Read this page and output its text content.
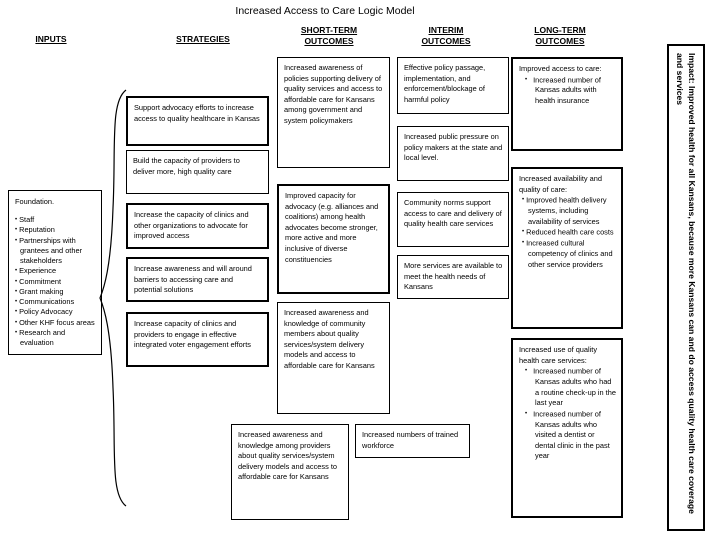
Increased Access to Care Logic Model
INPUTS	STRATEGIES
SHORT-TERM
OUTCOMES
INTERIM
OUTCOMES
LONG-TERM
OUTCOMES
Foundation.
• Staff
• Reputation
• Partnerships with grantees and other stakeholders
• Experience
• Commitment
• Grant making
• Communications
• Policy Advocacy
• Other KHF focus areas
• Research and evaluation
Support advocacy efforts to increase access to quality healthcare in Kansas
Build the capacity of providers to deliver more, high quality care
Increase the capacity of clinics and other organizations to advocate for improved access
Increase awareness and will around barriers to accessing care and potential solutions
Increase capacity of clinics and providers to engage in effective integrated voter engagement efforts
Increased awareness of policies supporting delivery of quality services and access to affordable care for Kansans among government and system policymakers
Improved capacity for advocacy (e.g. alliances and coalitions) among health advocates become stronger, more active and more inclusive of diverse constituencies
Increased awareness and knowledge of community members about quality services/system delivery models and access to affordable care for Kansans
Increased awareness and knowledge among providers about quality services/system delivery models and access to affordable care for Kansans
Increased numbers of trained workforce
Effective policy passage, implementation, and enforcement/blockage of harmful policy
Increased public pressure on policy makers at the state and local level.
Community norms support access to care and delivery of quality health care services
More services are available to meet the health needs of Kansans
Improved access to care:
• Increased number of Kansas adults with health insurance
Increased availability and quality of care:
• Improved health delivery systems, including availability of services
• Reduced health care costs
• Increased cultural competency of clinics and other service providers
Increased use of quality health care services:
• Increased number of Kansas adults who had a routine check-up in the last year
• Increased number of Kansas adults who visited a dentist or dental clinic in the past year	Impact: Improved health for all Kansans, because more Kansans can and do access quality health care coverage and services
